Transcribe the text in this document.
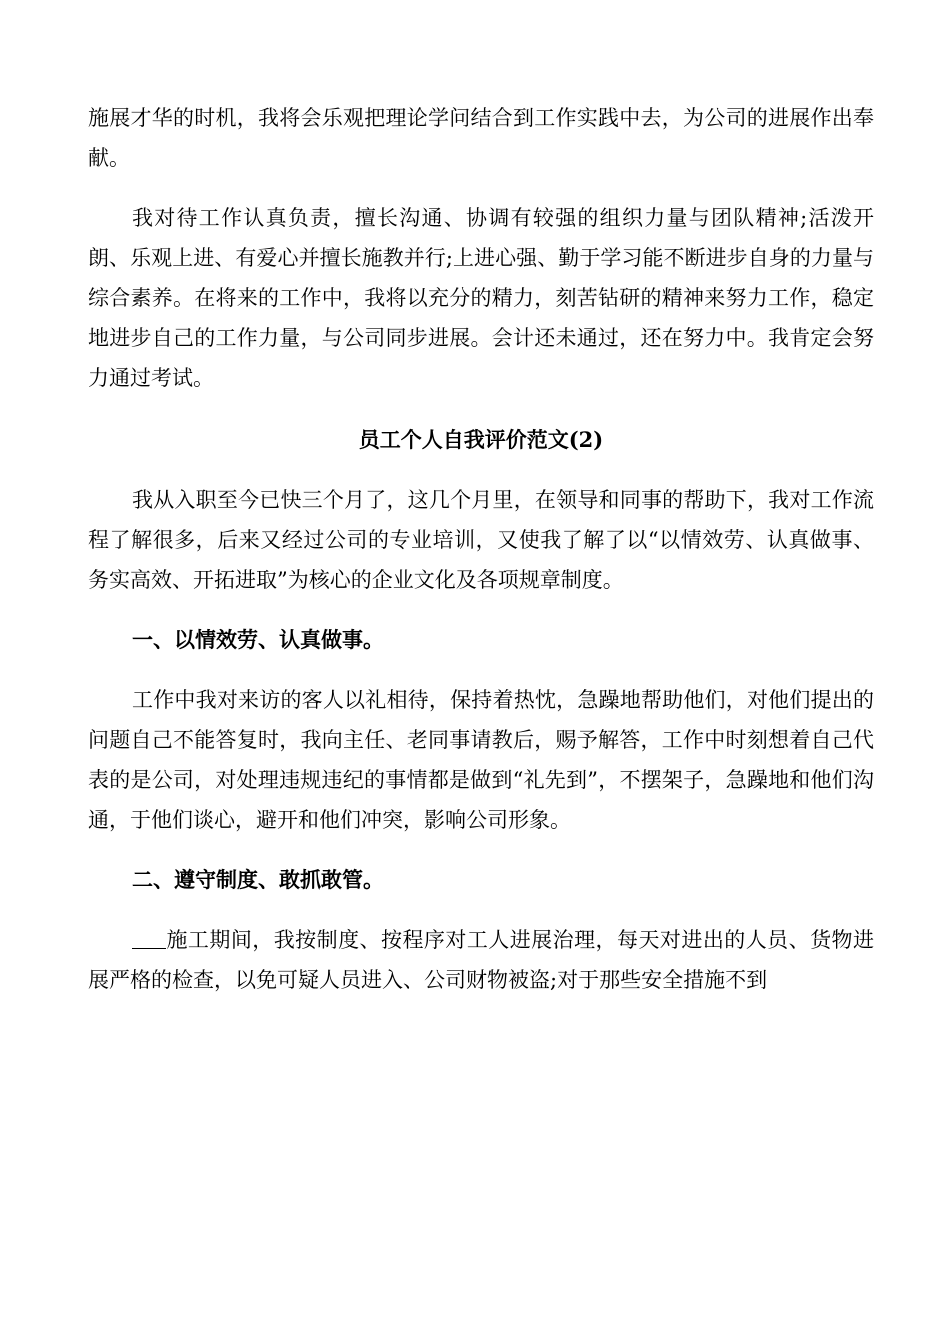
施展才华的时机，我将会乐观把理论学问结合到工作实践中去，为公司的进展作出奉献。

我对待工作认真负责，擅长沟通、协调有较强的组织力量与团队精神;活泼开朗、乐观上进、有爱心并擅长施教并行;上进心强、勤于学习能不断进步自身的力量与综合素养。在将来的工作中，我将以充分的精力，刻苦钻研的精神来努力工作，稳定地进步自己的工作力量，与公司同步进展。会计还未通过，还在努力中。我肯定会努力通过考试。

员工个人自我评价范文(2)

我从入职至今已快三个月了，这几个月里，在领导和同事的帮助下，我对工作流程了解很多，后来又经过公司的专业培训，又使我了解了以“以情效劳、认真做事、务实高效、开拓进取”为核心的企业文化及各项规章制度。

一、以情效劳、认真做事。

工作中我对来访的客人以礼相待，保持着热忱，急躁地帮助他们，对他们提出的问题自己不能答复时，我向主任、老同事请教后，赐予解答，工作中时刻想着自己代表的是公司，对处理违规违纪的事情都是做到“礼先到”，不摆架子，急躁地和他们沟通，于他们谈心，避开和他们冲突，影响公司形象。

二、遵守制度、敢抓敢管。

施工期间，我按制度、按程序对工人进展治理，每天对进出的人员、货物进展严格的检查，以免可疑人员进入、公司财物被盗;对于那些安全措施不到
